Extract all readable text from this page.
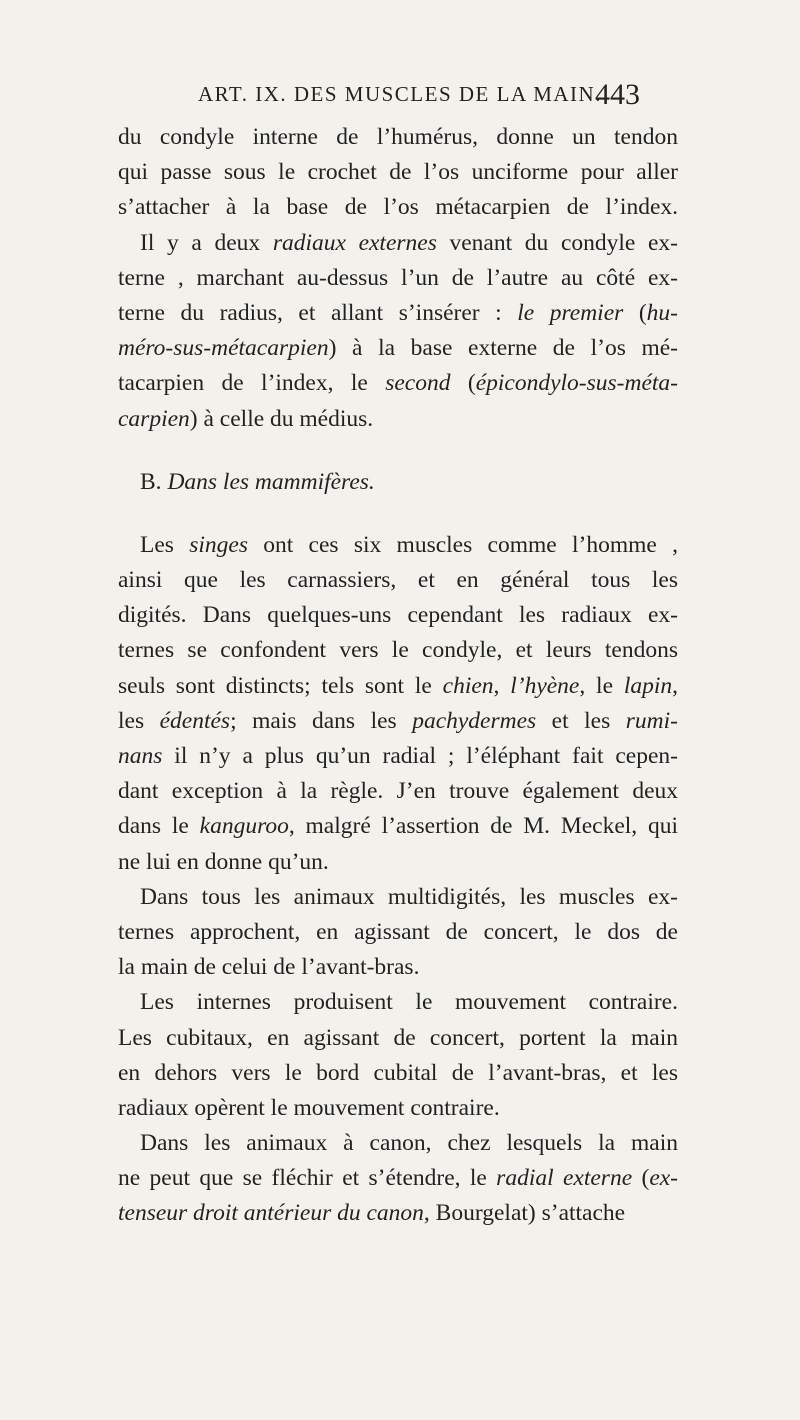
ART. IX. DES MUSCLES DE LA MAIN.
443
du condyle interne de l’humérus, donne un tendon
qui passe sous le crochet de l’os unciforme pour aller
s’attacher à la base de l’os métacarpien de l’index.
Il y a deux radiaux externes venant du condyle ex-
terne , marchant au-dessus l’un de l’autre au côté ex-
terne du radius, et allant s’insérer : le premier (hu-
méro-sus-métacarpien) à la base externe de l’os mé-
tacarpien de l’index, le second (épicondylo-sus-méta-
carpien) à celle du médius.
B. Dans les mammifères.
Les singes ont ces six muscles comme l’homme ,
ainsi que les carnassiers, et en général tous les
digités. Dans quelques-uns cependant les radiaux ex-
ternes se confondent vers le condyle, et leurs tendons
seuls sont distincts; tels sont le chien, l’hyène, le lapin,
les édentés; mais dans les pachydermes et les rumi-
nans il n’y a plus qu’un radial ; l’éléphant fait cepen-
dant exception à la règle. J’en trouve également deux
dans le kanguroo, malgré l’assertion de M. Meckel, qui
ne lui en donne qu’un.
Dans tous les animaux multidigités, les muscles ex-
ternes approchent, en agissant de concert, le dos de
la main de celui de l’avant-bras.
Les internes produisent le mouvement contraire.
Les cubitaux, en agissant de concert, portent la main
en dehors vers le bord cubital de l’avant-bras, et les
radiaux opèrent le mouvement contraire.
Dans les animaux à canon, chez lesquels la main
ne peut que se fléchir et s’étendre, le radial externe (ex-
tenseur droit antérieur du canon, Bourgelat) s’attache
